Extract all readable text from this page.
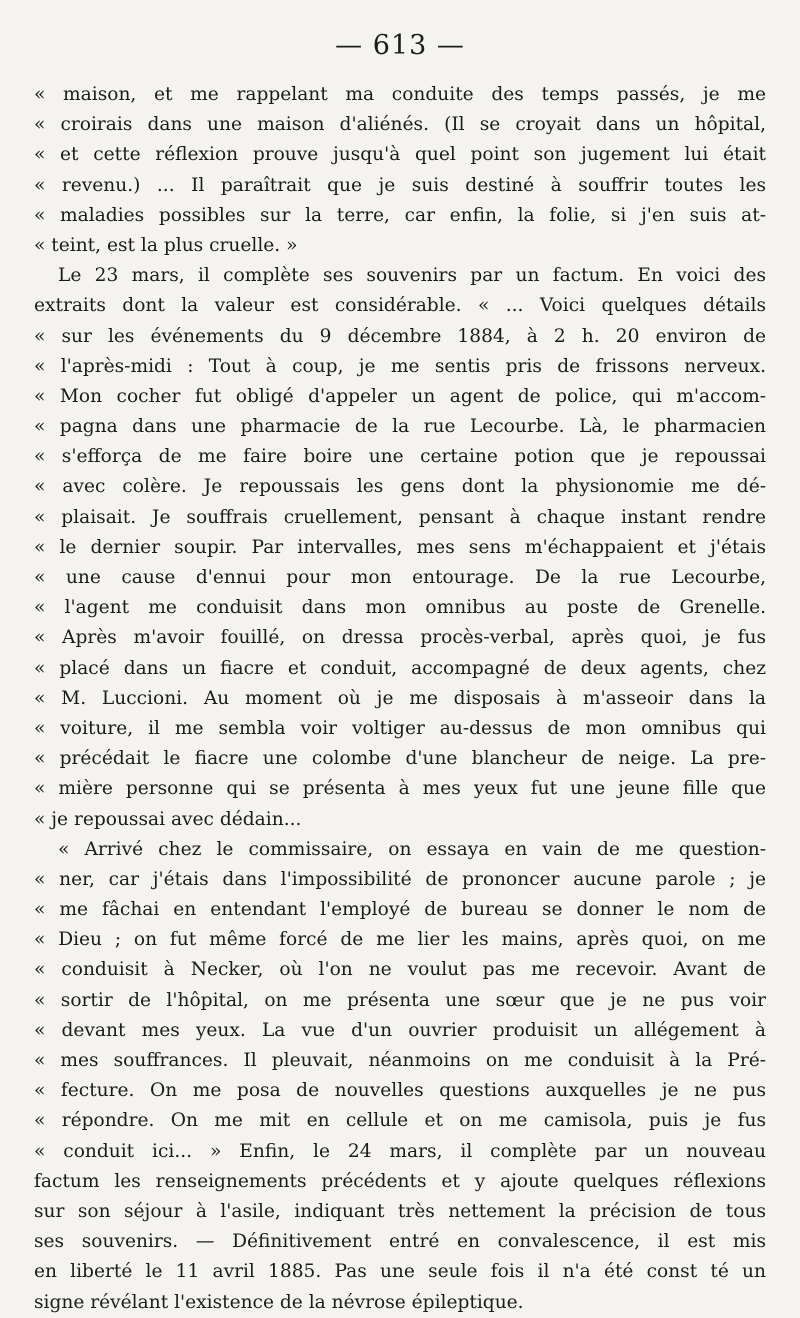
— 613 —
« maison, et me rappelant ma conduite des temps passés, je me
« croirais dans une maison d'aliénés. (Il se croyait dans un hôpital,
« et cette réflexion prouve jusqu'à quel point son jugement lui était
« revenu.) ... Il paraîtrait que je suis destiné à souffrir toutes les
« maladies possibles sur la terre, car enfin, la folie, si j'en suis at-
« teint, est la plus cruelle. »
Le 23 mars, il complète ses souvenirs par un factum. En voici des
extraits dont la valeur est considérable. « ... Voici quelques détails
« sur les événements du 9 décembre 1884, à 2 h. 20 environ de
« l'après-midi : Tout à coup, je me sentis pris de frissons nerveux.
« Mon cocher fut obligé d'appeler un agent de police, qui m'accom-
« pagna dans une pharmacie de la rue Lecourbe. Là, le pharmacien
« s'efforça de me faire boire une certaine potion que je repoussai
« avec colère. Je repoussais les gens dont la physionomie me dé-
« plaisait. Je souffrais cruellement, pensant à chaque instant rendre
« le dernier soupir. Par intervalles, mes sens m'échappaient et j'étais
« une cause d'ennui pour mon entourage. De la rue Lecourbe,
« l'agent me conduisit dans mon omnibus au poste de Grenelle.
« Après m'avoir fouillé, on dressa procès-verbal, après quoi, je fus
« placé dans un fiacre et conduit, accompagné de deux agents, chez
« M. Luccioni. Au moment où je me disposais à m'asseoir dans la
« voiture, il me sembla voir voltiger au-dessus de mon omnibus qui
« précédait le fiacre une colombe d'une blancheur de neige. La pre-
« mière personne qui se présenta à mes yeux fut une jeune fille que
« je repoussai avec dédain...
« Arrivé chez le commissaire, on essaya en vain de me question-
« ner, car j'étais dans l'impossibilité de prononcer aucune parole ; je
« me fâchai en entendant l'employé de bureau se donner le nom de
« Dieu ; on fut même forcé de me lier les mains, après quoi, on me
« conduisit à Necker, où l'on ne voulut pas me recevoir. Avant de
« sortir de l'hôpital, on me présenta une sœur que je ne pus voir
« devant mes yeux. La vue d'un ouvrier produisit un allégement à
« mes souffrances. Il pleuvait, néanmoins on me conduisit à la Pré-
« fecture. On me posa de nouvelles questions auxquelles je ne pus
« répondre. On me mit en cellule et on me camisola, puis je fus
« conduit ici... » Enfin, le 24 mars, il complète par un nouveau
factum les renseignements précédents et y ajoute quelques réflexions
sur son séjour à l'asile, indiquant très nettement la précision de tous
ses souvenirs. — Définitivement entré en convalescence, il est mis
en liberté le 11 avril 1885. Pas une seule fois il n'a été const té un
signe révélant l'existence de la névrose épileptique.
